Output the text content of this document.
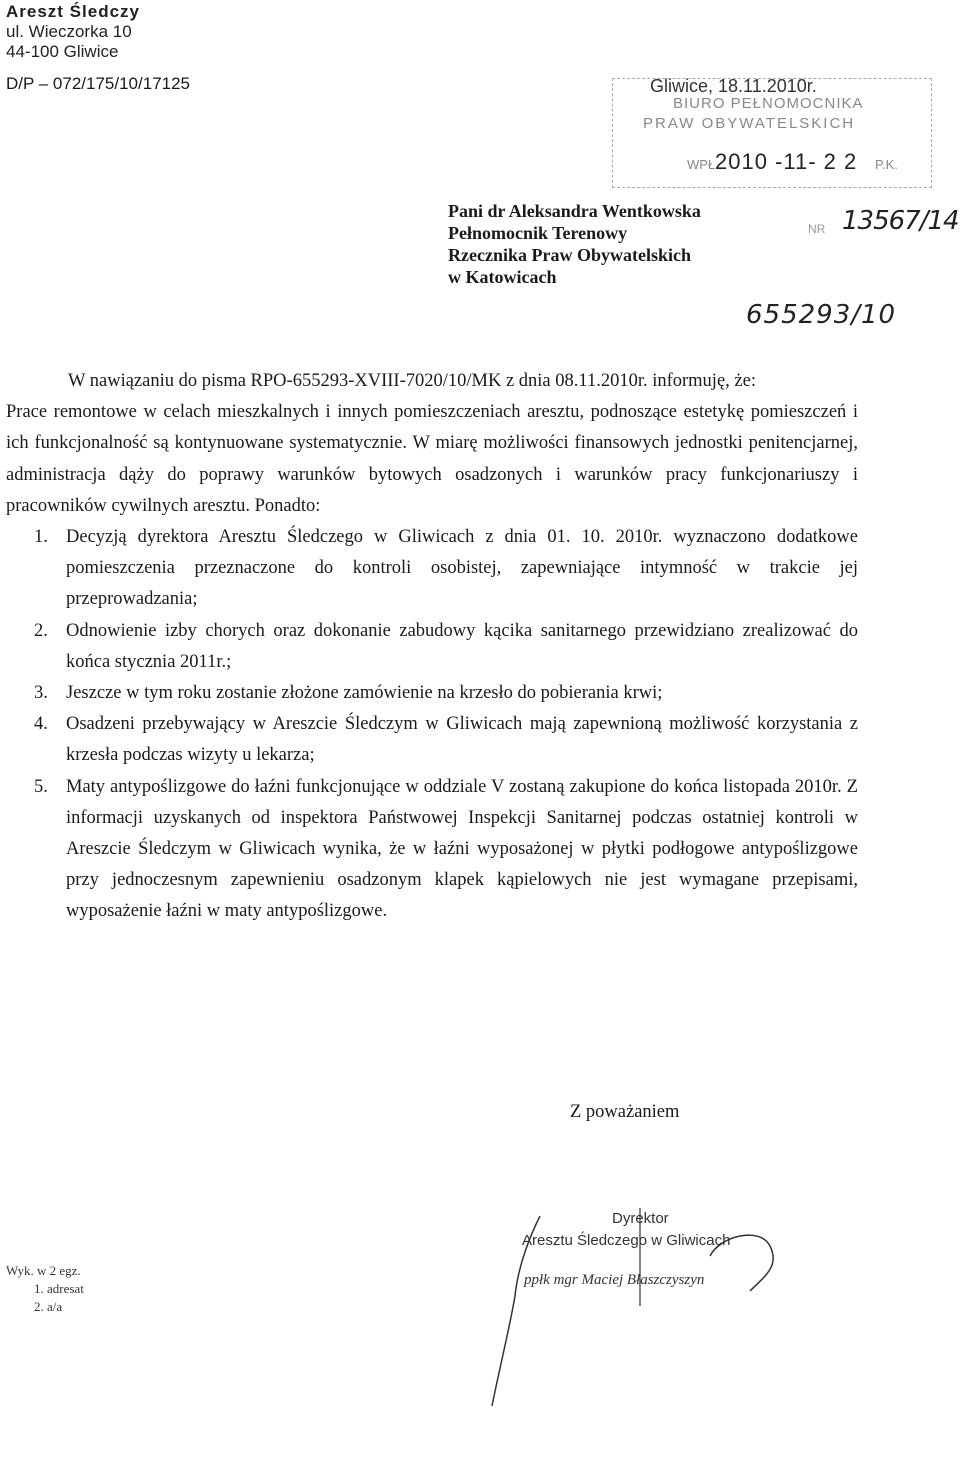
Areszt Śledczy
ul. Wieczorka 10
44-100 Gliwice
D/P – 072/175/10/17125
BIURO PEŁNOMOCNIKA
PRAW OBYWATELSKICH
WPŁ.
2010 -11- 2 2 P.K.
Gliwice, 18.11.2010r.
Pani dr Aleksandra Wentkowska
Pełnomocnik Terenowy
Rzecznika Praw Obywatelskich
w Katowicach
NR 13567/14
655293/10

W nawiązaniu do pisma RPO-655293-XVIII-7020/10/MK z dnia 08.11.2010r. informuję, że:

Prace remontowe w celach mieszkalnych i innych pomieszczeniach aresztu, podnoszące estetykę pomieszczeń i ich funkcjonalność są kontynuowane systematycznie. W miarę możliwości finansowych jednostki penitencjarnej, administracja dąży do poprawy warunków bytowych osadzonych i warunków pracy funkcjonariuszy i pracowników cywilnych aresztu. Ponadto:

1. Decyzją dyrektora Aresztu Śledczego w Gliwicach z dnia 01. 10. 2010r. wyznaczono dodatkowe pomieszczenia przeznaczone do kontroli osobistej, zapewniające intymność w trakcie jej przeprowadzania;
2. Odnowienie izby chorych oraz dokonanie zabudowy kącika sanitarnego przewidziano zrealizować do końca stycznia 2011r.;
3. Jeszcze w tym roku zostanie złożone zamówienie na krzesło do pobierania krwi;
4. Osadzeni przebywający w Areszcie Śledczym w Gliwicach mają zapewnioną możliwość korzystania z krzesła podczas wizyty u lekarza;
5. Maty antypoślizgowe do łaźni funkcjonujące w oddziale V zostaną zakupione do końca listopada 2010r. Z informacji uzyskanych od inspektora Państwowej Inspekcji Sanitarnej podczas ostatniej kontroli w Areszcie Śledczym w Gliwicach wynika, że w łaźni wyposażonej w płytki podłogowe antypoślizgowe przy jednoczesnym zapewnieniu osadzonym klapek kąpielowych nie jest wymagane przepisami, wyposażenie łaźni w maty antypoślizgowe.
Z poważaniem
Dyrektor
Aresztu Śledczego w Gliwicach
ppłk mgr Maciej Błaszczyszyn
Wyk. w 2 egz.
1. adresat
2. a/a
